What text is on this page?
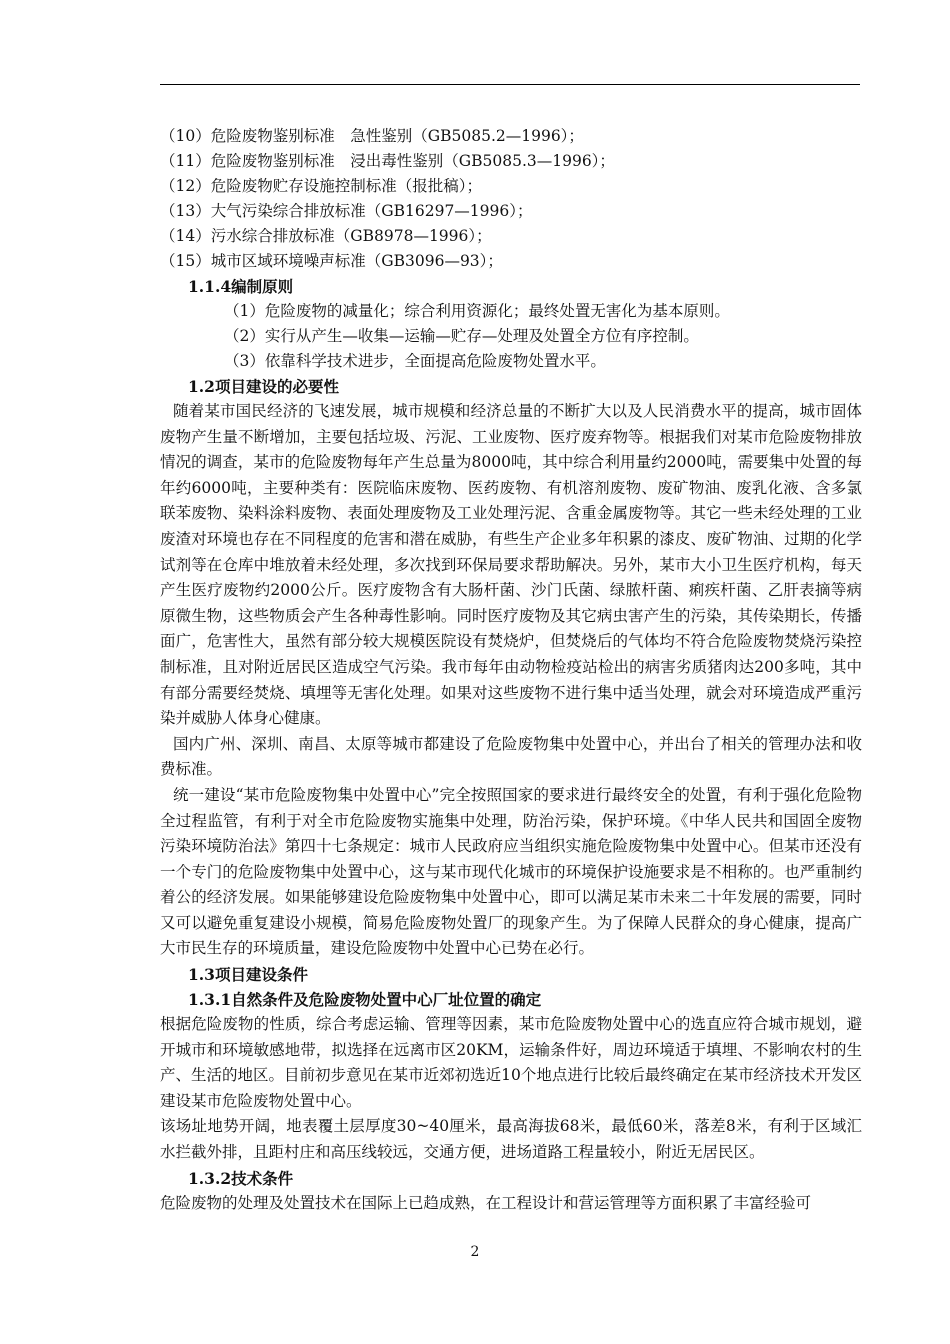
（10）危险废物鉴别标准　急性鉴别（GB5085.2—1996）；
（11）危险废物鉴别标准　浸出毒性鉴别（GB5085.3—1996）；
（12）危险废物贮存设施控制标准（报批稿）；
（13）大气污染综合排放标准（GB16297—1996）；
（14）污水综合排放标准（GB8978—1996）；
（15）城市区域环境噪声标准（GB3096—93）；
1.1.4编制原则
（1）危险废物的减量化；综合利用资源化；最终处置无害化为基本原则。
（2）实行从产生—收集—运输—贮存—处理及处置全方位有序控制。
（3）依靠科学技术进步，全面提高危险废物处置水平。
1.2项目建设的必要性

随着某市国民经济的飞速发展，城市规模和经济总量的不断扩大以及人民消费水平的提高，城市固体废物产生量不断增加，主要包括垃圾、污泥、工业废物、医疗废弃物等。根据我们对某市危险废物排放情况的调查，某市的危险废物每年产生总量为8000吨，其中综合利用量约2000吨，需要集中处置的每年约6000吨，主要种类有：医院临床废物、医药废物、有机溶剂废物、废矿物油、废乳化液、含多氯联苯废物、染料涂料废物、表面处理废物及工业处理污泥、含重金属废物等。其它一些未经处理的工业废渣对环境也存在不同程度的危害和潜在威胁，有些生产企业多年积累的漆皮、废矿物油、过期的化学试剂等在仓库中堆放着未经处理，多次找到环保局要求帮助解决。另外，某市大小卫生医疗机构，每天产生医疗废物约2000公斤。医疗废物含有大肠杆菌、沙门氏菌、绿脓杆菌、痢疾杆菌、乙肝表摘等病原微生物，这些物质会产生各种毒性影响。同时医疗废物及其它病虫害产生的污染，其传染期长，传播面广，危害性大，虽然有部分较大规模医院设有焚烧炉，但焚烧后的气体均不符合危险废物焚烧污染控制标准，且对附近居民区造成空气污染。我市每年由动物检疫站检出的病害劣质猪肉达200多吨，其中有部分需要经焚烧、填埋等无害化处理。如果对这些废物不进行集中适当处理，就会对环境造成严重污染并威胁人体身心健康。

国内广州、深圳、南昌、太原等城市都建设了危险废物集中处置中心，并出台了相关的管理办法和收费标准。

统一建设“某市危险废物集中处置中心”完全按照国家的要求进行最终安全的处置，有利于强化危险物全过程监管，有利于对全市危险废物实施集中处理，防治污染，保护环境。《中华人民共和国固全废物污染环境防治法》第四十七条规定：城市人民政府应当组织实施危险废物集中处置中心。但某市还没有一个专门的危险废物集中处置中心，这与某市现代化城市的环境保护设施要求是不相称的。也严重制约着公的经济发展。如果能够建设危险废物集中处置中心，即可以满足某市未来二十年发展的需要，同时又可以避免重复建设小规模，简易危险废物处置厂的现象产生。为了保障人民群众的身心健康，提高广大市民生存的环境质量，建设危险废物中处置中心已势在必行。

1.3项目建设条件
1.3.1自然条件及危险废物处置中心厂址位置的确定

根据危险废物的性质，综合考虑运输、管理等因素，某市危险废物处置中心的选直应符合城市规划，避开城市和环境敏感地带，拟选择在远离市区20KM，运输条件好，周边环境适于填埋、不影响农村的生产、生活的地区。目前初步意见在某市近郊初选近10个地点进行比较后最终确定在某市经济技术开发区建设某市危险废物处置中心。

该场址地势开阔，地表覆土层厚度30~40厘米，最高海拔68米，最低60米，落差8米，有利于区域汇水拦截外排，且距村庄和高压线较远，交通方便，进场道路工程量较小，附近无居民区。

1.3.2技术条件
危险废物的处理及处置技术在国际上已趋成熟，在工程设计和营运管理等方面积累了丰富经验可
2
